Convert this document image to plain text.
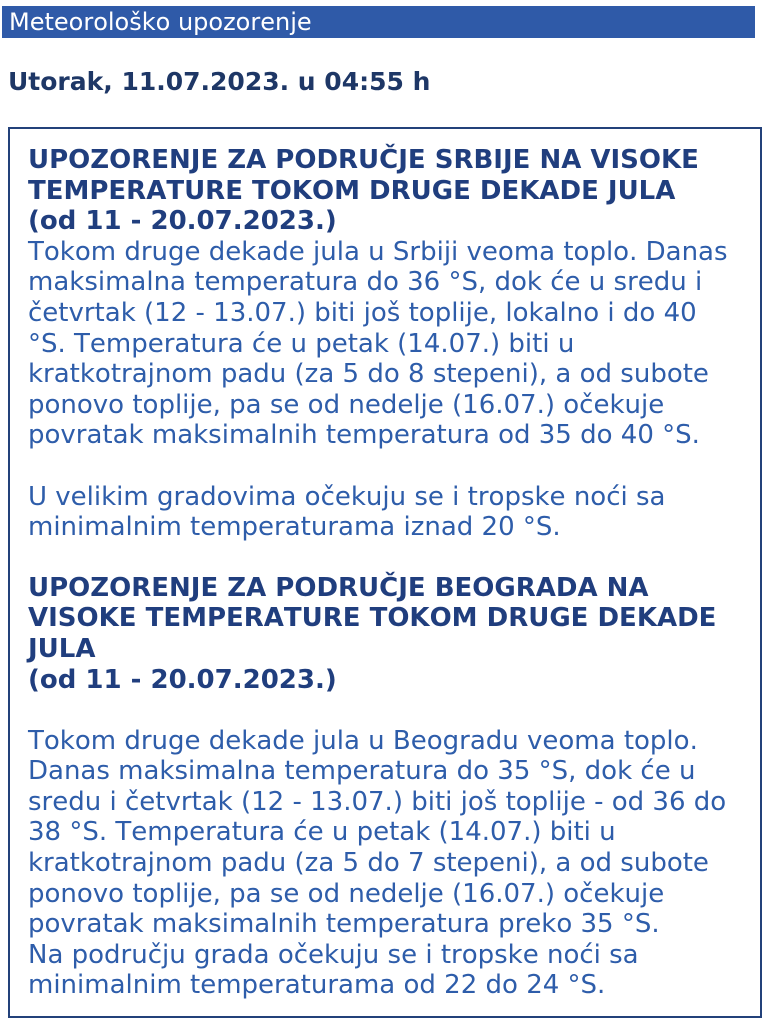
Meteorološko upozorenje
Utorak, 11.07.2023. u 04:55 h
UPOZORENJE ZA PODRUČJE SRBIJE NA VISOKE TEMPERATURE TOKOM DRUGE DEKADE JULA
(od 11 - 20.07.2023.)

Tokom druge dekade jula u Srbiji veoma toplo. Danas maksimalna temperatura do 36 °S, dok će u sredu i četvrtak (12 - 13.07.) biti još toplije, lokalno i do 40 °S. Temperatura će u petak (14.07.) biti u kratkotrajnom padu (za 5 do 8 stepeni), a od subote ponovo toplije, pa se od nedelje (16.07.) očekuje povratak maksimalnih temperatura od 35 do 40 °S.

U velikim gradovima očekuju se i tropske noći sa minimalnim temperaturama iznad 20 °S.

UPOZORENJE ZA PODRUČJE BEOGRADA NA VISOKE TEMPERATURE TOKOM DRUGE DEKADE JULA
(od 11 - 20.07.2023.)

Tokom druge dekade jula u Beogradu veoma toplo. Danas maksimalna temperatura do 35 °S, dok će u sredu i četvrtak (12 - 13.07.) biti još toplije - od 36 do 38 °S. Temperatura će u petak (14.07.) biti u kratkotrajnom padu (za 5 do 7 stepeni), a od subote ponovo toplije, pa se od nedelje (16.07.) očekuje povratak maksimalnih temperatura preko 35 °S.

Na području grada očekuju se i tropske noći sa minimalnim temperaturama od 22 do 24 °S.
